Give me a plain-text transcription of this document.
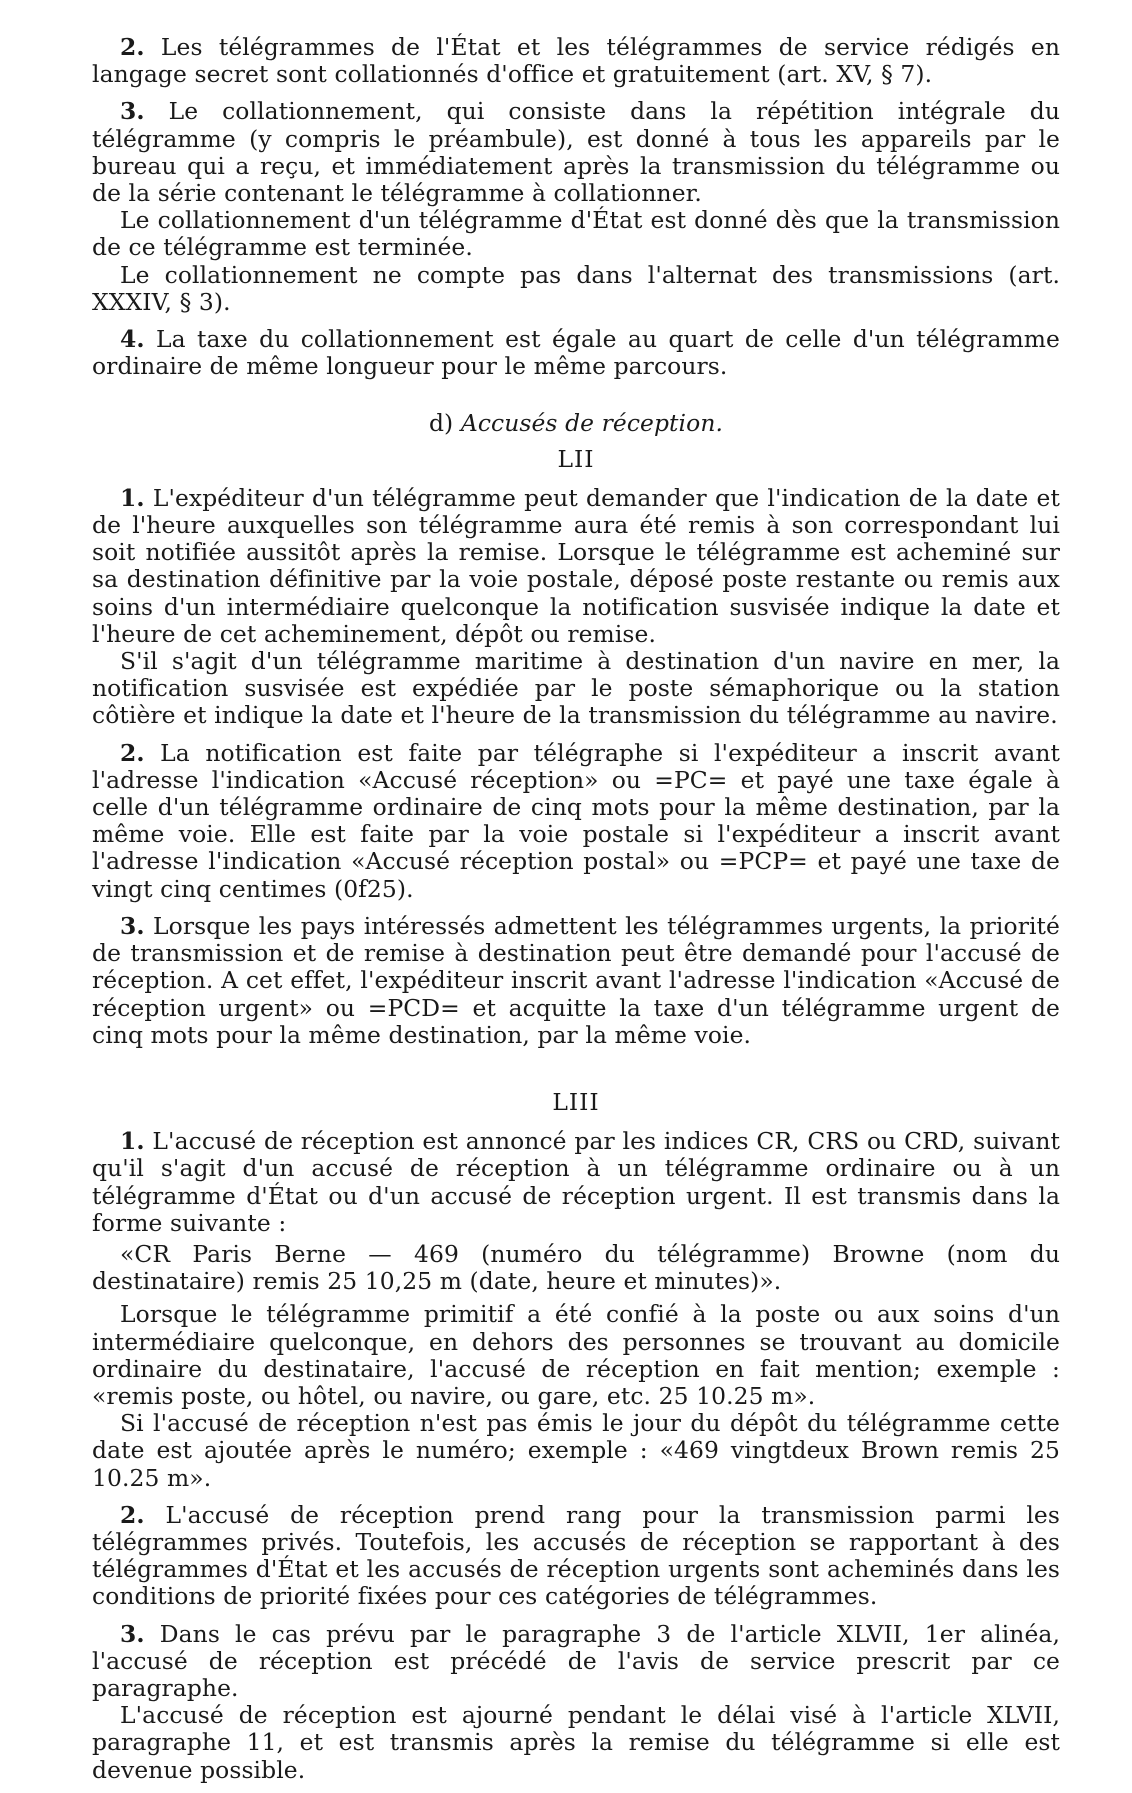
2. Les télégrammes de l'État et les télégrammes de service rédigés en langage secret sont collationnés d'office et gratuitement (art. XV, § 7).

3. Le collationnement, qui consiste dans la répétition intégrale du télégramme (y compris le préambule), est donné à tous les appareils par le bureau qui a reçu, et immédiatement après la transmission du télégramme ou de la série contenant le télégramme à collationner.

Le collationnement d'un télégramme d'État est donné dès que la transmission de ce télégramme est terminée.

Le collationnement ne compte pas dans l'alternat des transmissions (art. XXXIV, § 3).

4. La taxe du collationnement est égale au quart de celle d'un télégramme ordinaire de même longueur pour le même parcours.

d) Accusés de réception.

LII

1. L'expéditeur d'un télégramme peut demander que l'indication de la date et de l'heure auxquelles son télégramme aura été remis à son correspondant lui soit notifiée aussitôt après la remise. Lorsque le télégramme est acheminé sur sa destination définitive par la voie postale, déposé poste restante ou remis aux soins d'un intermédiaire quelconque la notification susvisée indique la date et l'heure de cet acheminement, dépôt ou remise.

S'il s'agit d'un télégramme maritime à destination d'un navire en mer, la notification susvisée est expédiée par le poste sémaphorique ou la station côtière et indique la date et l'heure de la transmission du télégramme au navire.

2. La notification est faite par télégraphe si l'expéditeur a inscrit avant l'adresse l'indication «Accusé réception» ou =PC= et payé une taxe égale à celle d'un télégramme ordinaire de cinq mots pour la même destination, par la même voie. Elle est faite par la voie postale si l'expéditeur a inscrit avant l'adresse l'indication «Accusé réception postal» ou =PCP= et payé une taxe de vingt cinq centimes (0f25).

3. Lorsque les pays intéressés admettent les télégrammes urgents, la priorité de transmission et de remise à destination peut être demandé pour l'accusé de réception. A cet effet, l'expéditeur inscrit avant l'adresse l'indication «Accusé de réception urgent» ou =PCD= et acquitte la taxe d'un télégramme urgent de cinq mots pour la même destination, par la même voie.

LIII

1. L'accusé de réception est annoncé par les indices CR, CRS ou CRD, suivant qu'il s'agit d'un accusé de réception à un télégramme ordinaire ou à un télégramme d'État ou d'un accusé de réception urgent. Il est transmis dans la forme suivante :

«CR Paris Berne — 469 (numéro du télégramme) Browne (nom du destinataire) remis 25 10,25 m (date, heure et minutes)».

Lorsque le télégramme primitif a été confié à la poste ou aux soins d'un intermédiaire quelconque, en dehors des personnes se trouvant au domicile ordinaire du destinataire, l'accusé de réception en fait mention; exemple : «remis poste, ou hôtel, ou navire, ou gare, etc. 25 10.25 m».

Si l'accusé de réception n'est pas émis le jour du dépôt du télégramme cette date est ajoutée après le numéro; exemple : «469 vingtdeux Brown remis 25 10.25 m».

2. L'accusé de réception prend rang pour la transmission parmi les télégrammes privés. Toutefois, les accusés de réception se rapportant à des télégrammes d'État et les accusés de réception urgents sont acheminés dans les conditions de priorité fixées pour ces catégories de télégrammes.

3. Dans le cas prévu par le paragraphe 3 de l'article XLVII, 1er alinéa, l'accusé de réception est précédé de l'avis de service prescrit par ce paragraphe.

L'accusé de réception est ajourné pendant le délai visé à l'article XLVII, paragraphe 11, et est transmis après la remise du télégramme si elle est devenue possible.
